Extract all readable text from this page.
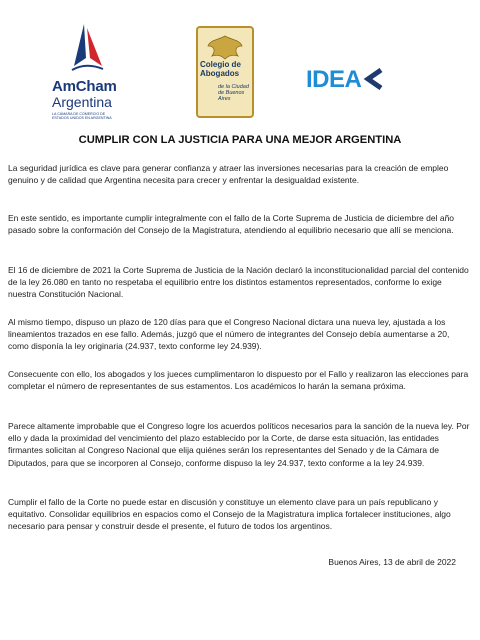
AmCham
Argentina
LA CÁMARA DE COMERCIO DE ESTADOS UNIDOS EN ARGENTINA
Colegio de Abogados
de la Ciudad de Buenos Aires
IDEA
CUMPLIR CON LA JUSTICIA PARA UNA MEJOR ARGENTINA

La seguridad jurídica es clave para generar confianza y atraer las inversiones necesarias para la creación de empleo genuino y de calidad que Argentina necesita para crecer y enfrentar la desigualdad existente.

En este sentido, es importante cumplir integralmente con el fallo de la Corte Suprema de Justicia de diciembre del año pasado sobre la conformación del Consejo de la Magistratura, atendiendo al equilibrio necesario que allí se menciona.

El 16 de diciembre de 2021 la Corte Suprema de Justicia de la Nación declaró la inconstitucionalidad parcial del contenido de la ley 26.080 en tanto no respetaba el equilibrio entre los distintos estamentos representados, conforme lo exige nuestra Constitución Nacional.

Al mismo tiempo, dispuso un plazo de 120 días para que el Congreso Nacional dictara una nueva ley, ajustada a los lineamientos trazados en ese fallo. Además, juzgó que el número de integrantes del Consejo debía aumentarse a 20, como disponía la ley originaria (24.937, texto conforme ley 24.939).

Consecuente con ello, los abogados y los jueces cumplimentaron lo dispuesto por el Fallo y realizaron las elecciones para completar el número de representantes de sus estamentos. Los académicos lo harán la semana próxima.

Parece altamente improbable que el Congreso logre los acuerdos políticos necesarios para la sanción de la nueva ley. Por ello y dada la proximidad del vencimiento del plazo establecido por la Corte, de darse esta situación, las entidades firmantes solicitan al Congreso Nacional que elija quiénes serán los representantes del Senado y de la Cámara de Diputados, para que se incorporen al Consejo, conforme dispuso la ley 24.937, texto conforme a la ley 24.939.

Cumplir el fallo de la Corte no puede estar en discusión y constituye un elemento clave para un país republicano y equitativo. Consolidar equilibrios en espacios como el Consejo de la Magistratura implica fortalecer instituciones, algo necesario para pensar y construir desde el presente, el futuro de todos los argentinos.

Buenos Aires, 13 de abril de 2022
